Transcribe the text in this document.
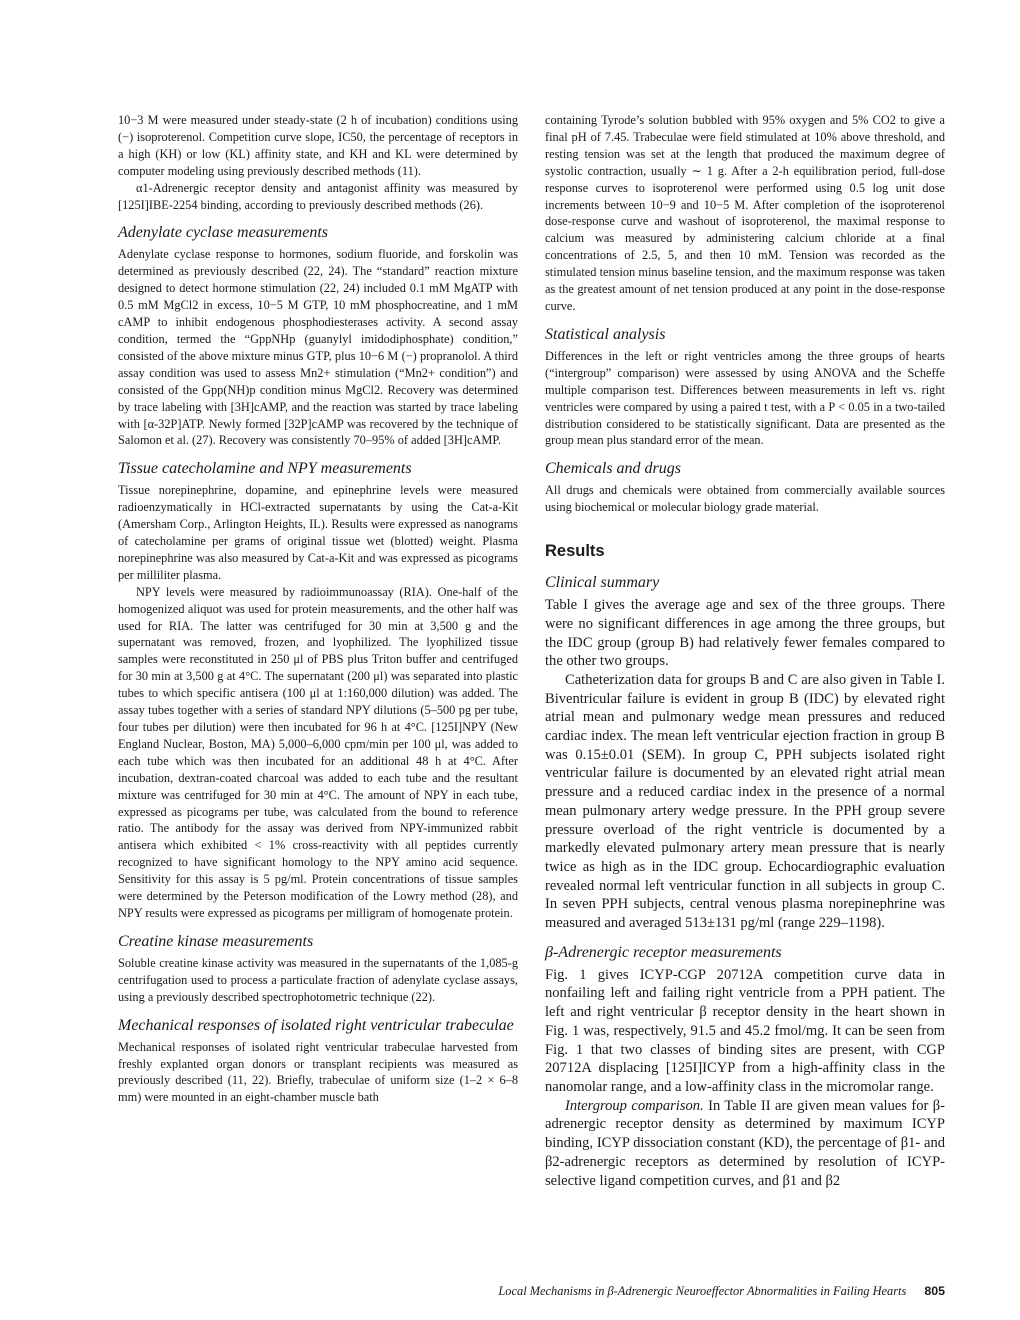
10−3 M were measured under steady-state (2 h of incubation) conditions using (−) isoproterenol. Competition curve slope, IC50, the percentage of receptors in a high (KH) or low (KL) affinity state, and KH and KL were determined by computer modeling using previously described methods (11).

α1-Adrenergic receptor density and antagonist affinity was measured by [125I]IBE-2254 binding, according to previously described methods (26).

Adenylate cyclase measurements

Adenylate cyclase response to hormones, sodium fluoride, and forskolin was determined as previously described (22, 24). The “standard” reaction mixture designed to detect hormone stimulation (22, 24) included 0.1 mM MgATP with 0.5 mM MgCl2 in excess, 10−5 M GTP, 10 mM phosphocreatine, and 1 mM cAMP to inhibit endogenous phosphodiesterases activity. A second assay condition, termed the “GppNHp (guanylyl imidodiphosphate) condition,” consisted of the above mixture minus GTP, plus 10−6 M (−) propranolol. A third assay condition was used to assess Mn2+ stimulation (“Mn2+ condition”) and consisted of the Gpp(NH)p condition minus MgCl2. Recovery was determined by trace labeling with [3H]cAMP, and the reaction was started by trace labeling with [α-32P]ATP. Newly formed [32P]cAMP was recovered by the technique of Salomon et al. (27). Recovery was consistently 70–95% of added [3H]cAMP.

Tissue catecholamine and NPY measurements

Tissue norepinephrine, dopamine, and epinephrine levels were measured radioenzymatically in HCl-extracted supernatants by using the Cat-a-Kit (Amersham Corp., Arlington Heights, IL). Results were expressed as nanograms of catecholamine per grams of original tissue wet (blotted) weight. Plasma norepinephrine was also measured by Cat-a-Kit and was expressed as picograms per milliliter plasma.

NPY levels were measured by radioimmunoassay (RIA). One-half of the homogenized aliquot was used for protein measurements, and the other half was used for RIA. The latter was centrifuged for 30 min at 3,500 g and the supernatant was removed, frozen, and lyophilized. The lyophilized tissue samples were reconstituted in 250 μl of PBS plus Triton buffer and centrifuged for 30 min at 3,500 g at 4°C. The supernatant (200 μl) was separated into plastic tubes to which specific antisera (100 μl at 1:160,000 dilution) was added. The assay tubes together with a series of standard NPY dilutions (5–500 pg per tube, four tubes per dilution) were then incubated for 96 h at 4°C. [125I]NPY (New England Nuclear, Boston, MA) 5,000–6,000 cpm/min per 100 μl, was added to each tube which was then incubated for an additional 48 h at 4°C. After incubation, dextran-coated charcoal was added to each tube and the resultant mixture was centrifuged for 30 min at 4°C. The amount of NPY in each tube, expressed as picograms per tube, was calculated from the bound to reference ratio. The antibody for the assay was derived from NPY-immunized rabbit antisera which exhibited < 1% cross-reactivity with all peptides currently recognized to have significant homology to the NPY amino acid sequence. Sensitivity for this assay is 5 pg/ml. Protein concentrations of tissue samples were determined by the Peterson modification of the Lowry method (28), and NPY results were expressed as picograms per milligram of homogenate protein.

Creatine kinase measurements

Soluble creatine kinase activity was measured in the supernatants of the 1,085-g centrifugation used to process a particulate fraction of adenylate cyclase assays, using a previously described spectrophotometric technique (22).

Mechanical responses of isolated right ventricular trabeculae

Mechanical responses of isolated right ventricular trabeculae harvested from freshly explanted organ donors or transplant recipients was measured as previously described (11, 22). Briefly, trabeculae of uniform size (1–2 × 6–8 mm) were mounted in an eight-chamber muscle bath

containing Tyrode’s solution bubbled with 95% oxygen and 5% CO2 to give a final pH of 7.45. Trabeculae were field stimulated at 10% above threshold, and resting tension was set at the length that produced the maximum degree of systolic contraction, usually ∼ 1 g. After a 2-h equilibration period, full-dose response curves to isoproterenol were performed using 0.5 log unit dose increments between 10−9 and 10−5 M. After completion of the isoproterenol dose-response curve and washout of isoproterenol, the maximal response to calcium was measured by administering calcium chloride at a final concentrations of 2.5, 5, and then 10 mM. Tension was recorded as the stimulated tension minus baseline tension, and the maximum response was taken as the greatest amount of net tension produced at any point in the dose-response curve.

Statistical analysis

Differences in the left or right ventricles among the three groups of hearts (“intergroup” comparison) were assessed by using ANOVA and the Scheffe multiple comparison test. Differences between measurements in left vs. right ventricles were compared by using a paired t test, with a P < 0.05 in a two-tailed distribution considered to be statistically significant. Data are presented as the group mean plus standard error of the mean.

Chemicals and drugs

All drugs and chemicals were obtained from commercially available sources using biochemical or molecular biology grade material.

Results
Clinical summary

Table I gives the average age and sex of the three groups. There were no significant differences in age among the three groups, but the IDC group (group B) had relatively fewer females compared to the other two groups.

Catheterization data for groups B and C are also given in Table I. Biventricular failure is evident in group B (IDC) by elevated right atrial mean and pulmonary wedge mean pressures and reduced cardiac index. The mean left ventricular ejection fraction in group B was 0.15±0.01 (SEM). In group C, PPH subjects isolated right ventricular failure is documented by an elevated right atrial mean pressure and a reduced cardiac index in the presence of a normal mean pulmonary artery wedge pressure. In the PPH group severe pressure overload of the right ventricle is documented by a markedly elevated pulmonary artery mean pressure that is nearly twice as high as in the IDC group. Echocardiographic evaluation revealed normal left ventricular function in all subjects in group C. In seven PPH subjects, central venous plasma norepinephrine was measured and averaged 513±131 pg/ml (range 229–1198).

β-Adrenergic receptor measurements

Fig. 1 gives ICYP-CGP 20712A competition curve data in nonfailing left and failing right ventricle from a PPH patient. The left and right ventricular β receptor density in the heart shown in Fig. 1 was, respectively, 91.5 and 45.2 fmol/mg. It can be seen from Fig. 1 that two classes of binding sites are present, with CGP 20712A displacing [125I]ICYP from a high-affinity class in the nanomolar range, and a low-affinity class in the micromolar range.

Intergroup comparison. In Table II are given mean values for β-adrenergic receptor density as determined by maximum ICYP binding, ICYP dissociation constant (KD), the percentage of β1- and β2-adrenergic receptors as determined by resolution of ICYP-selective ligand competition curves, and β1 and β2

Local Mechanisms in β-Adrenergic Neuroeffector Abnormalities in Failing Hearts 805
